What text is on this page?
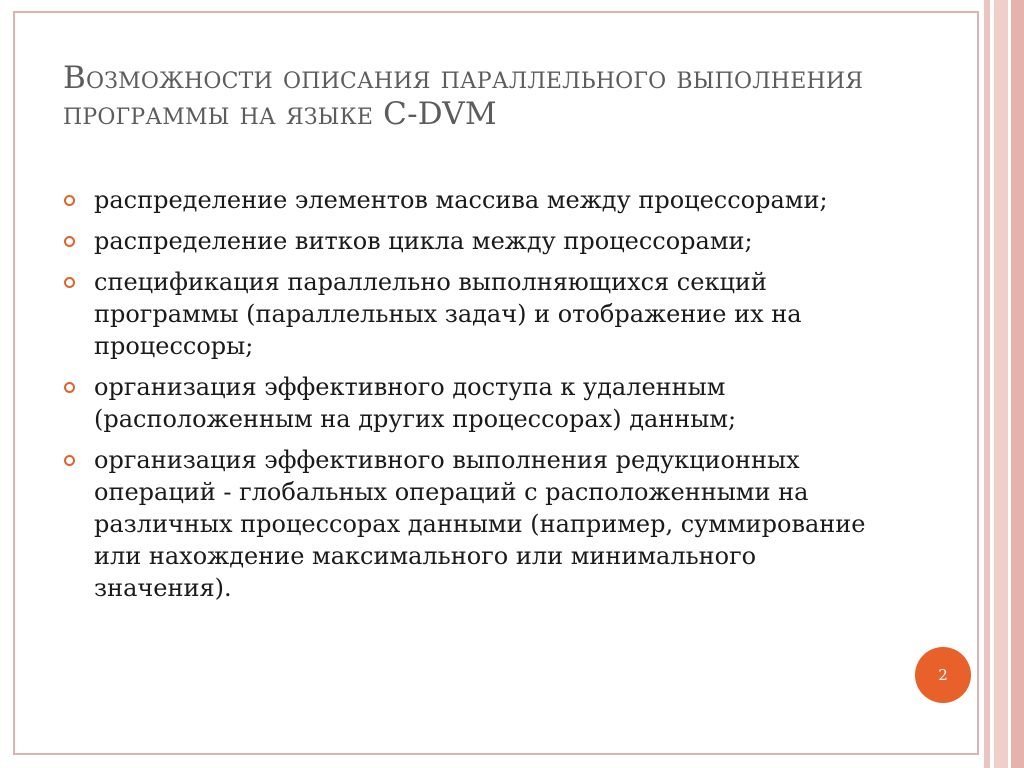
Возможности описания параллельного выполнения программы на языке C-DVM
распределение элементов массива между процессорами;
распределение витков цикла между процессорами;
спецификация параллельно выполняющихся секций программы (параллельных задач) и отображение их на процессоры;
организация эффективного доступа к удаленным (расположенным на других процессорах) данным;
организация эффективного выполнения редукционных операций - глобальных операций с расположенными на различных процессорах данными (например, суммирование или нахождение максимального или минимального значения).
2
